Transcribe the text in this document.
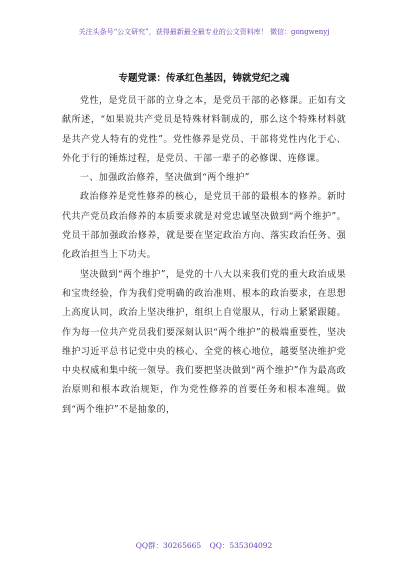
关注头条号“公文研究”，获得最新最全最专业的公文资料库！ 微信：gongwenyj
专题党课：传承红色基因，铸就党纪之魂

党性，是党员干部的立身之本，是党员干部的必修课。正如有文献所述，“如果说共产党员是特殊材料制成的，那么这个特殊材料就是共产党人特有的党性”。党性修养是党员、干部将党性内化于心、外化于行的锤炼过程，是党员、干部一辈子的必修课、连修课。

一、加强政治修养，坚决做到“两个维护”

政治修养是党性修养的核心，是党员干部的最根本的修养。新时代共产党员政治修养的本质要求就是对党忠诚坚决做到“两个维护”。党员干部加强政治修养，就是要在坚定政治方向、落实政治任务、强化政治担当上下功夫。

坚决做到“两个维护”，是党的十八大以来我们党的重大政治成果和宝贵经验，作为我们党明确的政治准则、根本的政治要求，在思想上高度认同，政治上坚决维护，组织上自觉服从，行动上紧紧跟随。作为每一位共产党员我们要深刻认识“两个维护”的极端重要性，坚决维护习近平总书记党中央的核心、全党的核心地位，越要坚决维护党中央权威和集中统一领导。我们要把坚决做到“两个维护”作为最高政治原则和根本政治规矩，作为党性修养的首要任务和根本准绳。做到“两个维护”不是抽象的，

QQ群：30265665 QQ：535304092
